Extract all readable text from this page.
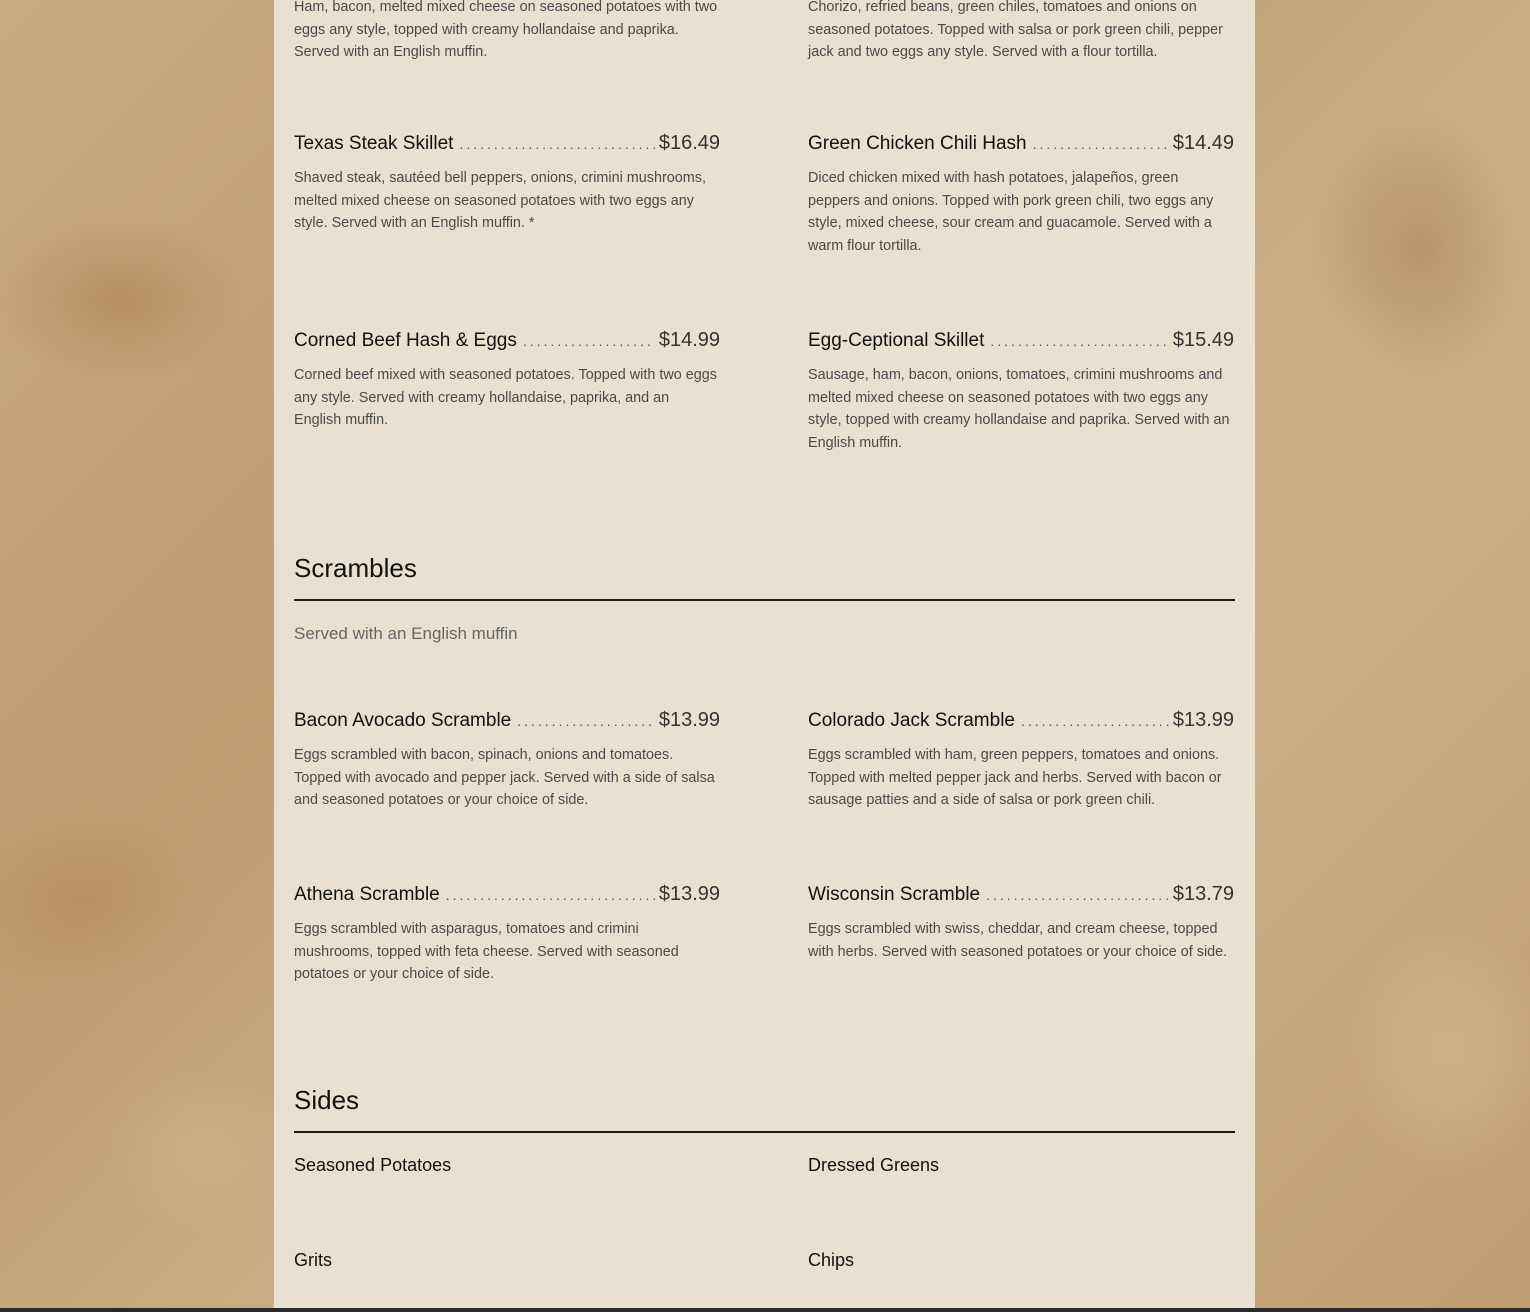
Ham, bacon, melted mixed cheese on seasoned potatoes with two eggs any style, topped with creamy hollandaise and paprika. Served with an English muffin.
Chorizo, refried beans, green chiles, tomatoes and onions on seasoned potatoes. Topped with salsa or pork green chili, pepper jack and two eggs any style. Served with a flour tortilla.
Texas Steak Skillet .....	$16.49
Shaved steak, sautéed bell peppers, onions, crimini mushrooms, melted mixed cheese on seasoned potatoes with two eggs any style. Served with an English muffin. *
Green Chicken Chili Hash .....	$14.49
Diced chicken mixed with hash potatoes, jalapeños, green peppers and onions. Topped with pork green chili, two eggs any style, mixed cheese, sour cream and guacamole. Served with a warm flour tortilla.
Corned Beef Hash & Eggs .....	$14.99
Corned beef mixed with seasoned potatoes. Topped with two eggs any style. Served with creamy hollandaise, paprika, and an English muffin.
Egg-Ceptional Skillet .....	$15.49
Sausage, ham, bacon, onions, tomatoes, crimini mushrooms and melted mixed cheese on seasoned potatoes with two eggs any style, topped with creamy hollandaise and paprika. Served with an English muffin.
Scrambles
Served with an English muffin
Bacon Avocado Scramble .....	$13.99
Eggs scrambled with bacon, spinach, onions and tomatoes. Topped with avocado and pepper jack. Served with a side of salsa and seasoned potatoes or your choice of side.
Colorado Jack Scramble .....	$13.99
Eggs scrambled with ham, green peppers, tomatoes and onions. Topped with melted pepper jack and herbs. Served with bacon or sausage patties and a side of salsa or pork green chili.
Athena Scramble .....	$13.99
Eggs scrambled with asparagus, tomatoes and crimini mushrooms, topped with feta cheese. Served with seasoned potatoes or your choice of side.
Wisconsin Scramble .....	$13.79
Eggs scrambled with swiss, cheddar, and cream cheese, topped with herbs. Served with seasoned potatoes or your choice of side.
Sides
Seasoned Potatoes	Dressed Greens
Grits	Chips
